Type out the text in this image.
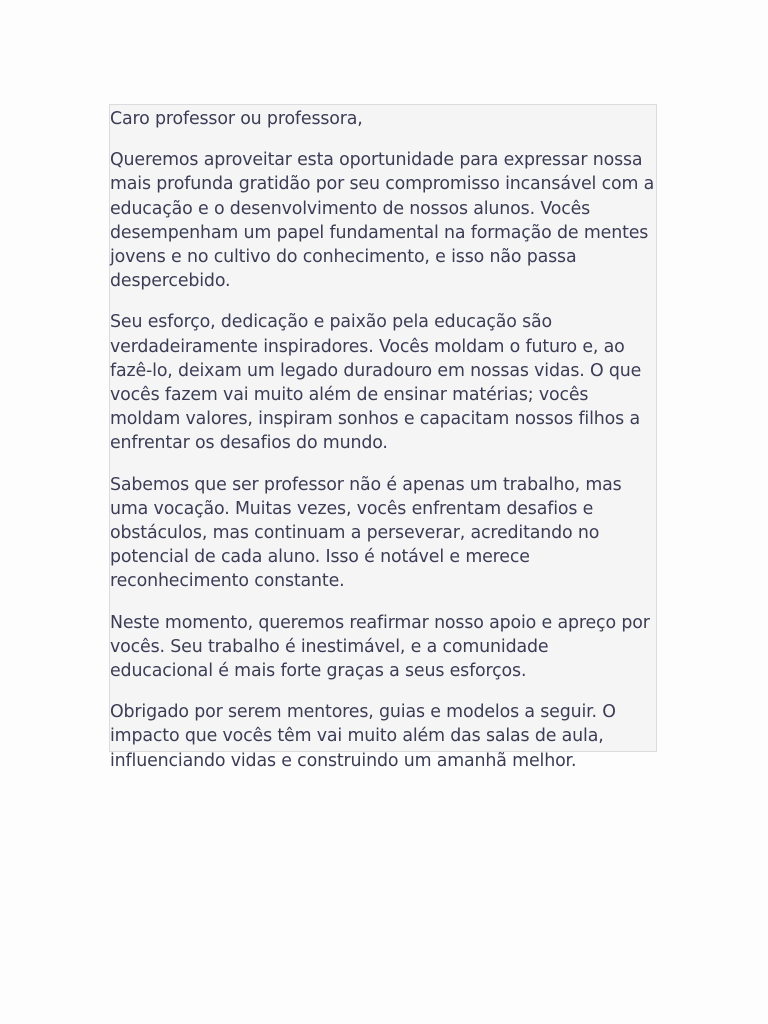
Caro professor ou professora,

Queremos aproveitar esta oportunidade para expressar nossa mais profunda gratidão por seu compromisso incansável com a educação e o desenvolvimento de nossos alunos. Vocês desempenham um papel fundamental na formação de mentes jovens e no cultivo do conhecimento, e isso não passa despercebido.

Seu esforço, dedicação e paixão pela educação são verdadeiramente inspiradores. Vocês moldam o futuro e, ao fazê-lo, deixam um legado duradouro em nossas vidas. O que vocês fazem vai muito além de ensinar matérias; vocês moldam valores, inspiram sonhos e capacitam nossos filhos a enfrentar os desafios do mundo.

Sabemos que ser professor não é apenas um trabalho, mas uma vocação. Muitas vezes, vocês enfrentam desafios e obstáculos, mas continuam a perseverar, acreditando no potencial de cada aluno. Isso é notável e merece reconhecimento constante.

Neste momento, queremos reafirmar nosso apoio e apreço por vocês. Seu trabalho é inestimável, e a comunidade educacional é mais forte graças a seus esforços.

Obrigado por serem mentores, guias e modelos a seguir. O impacto que vocês têm vai muito além das salas de aula, influenciando vidas e construindo um amanhã melhor.
